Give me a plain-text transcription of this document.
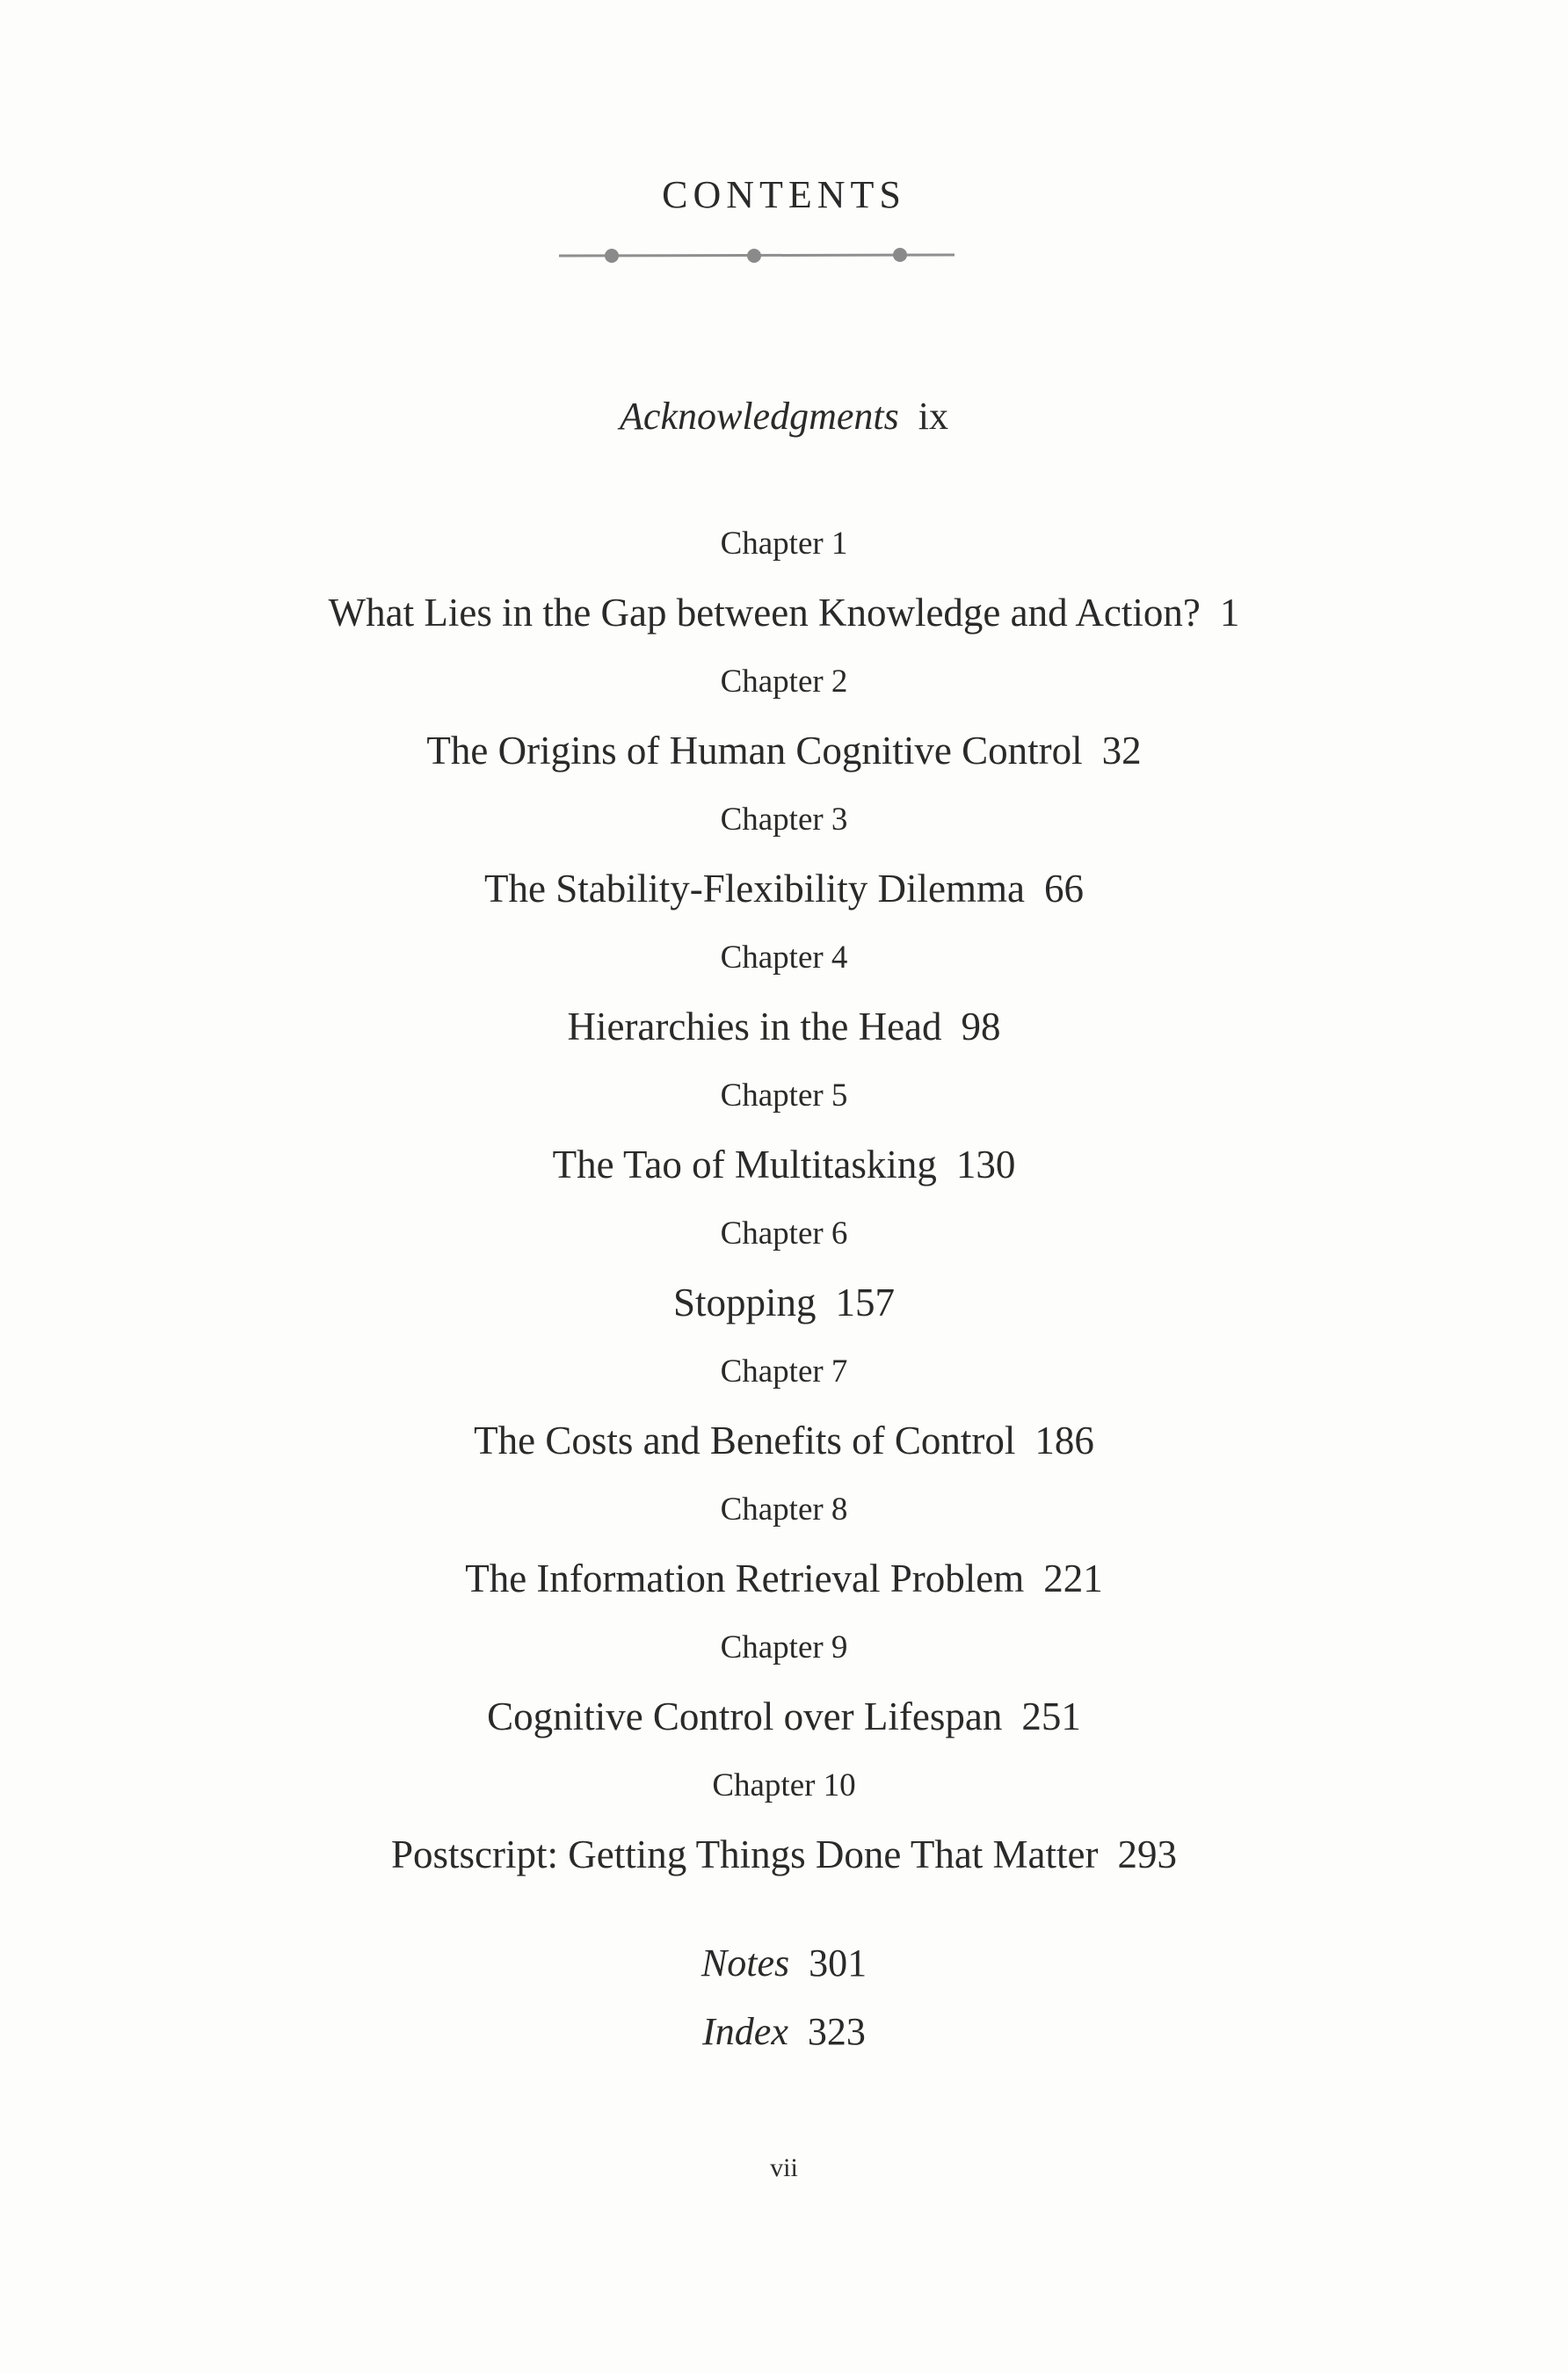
CONTENTS
Acknowledgments ix
Chapter 1
What Lies in the Gap between Knowledge and Action? 1
Chapter 2
The Origins of Human Cognitive Control 32
Chapter 3
The Stability-Flexibility Dilemma 66
Chapter 4
Hierarchies in the Head 98
Chapter 5
The Tao of Multitasking 130
Chapter 6
Stopping 157
Chapter 7
The Costs and Benefits of Control 186
Chapter 8
The Information Retrieval Problem 221
Chapter 9
Cognitive Control over Lifespan 251
Chapter 10
Postscript: Getting Things Done That Matter 293
Notes 301
Index 323
vii
